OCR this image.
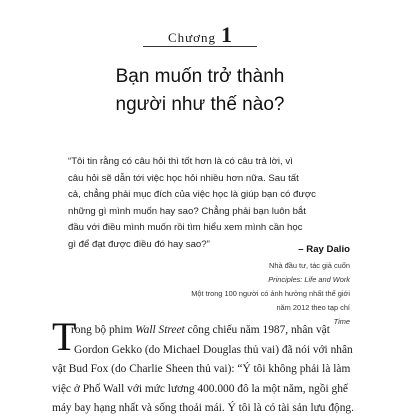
Chương 1
Bạn muốn trở thành
người như thế nào?
“Tôi tin rằng có câu hỏi thì tốt hơn là có câu trả lời, vì
câu hỏi sẽ dẫn tới việc học hỏi nhiều hơn nữa. Sau tất
cả, chẳng phải mục đích của việc học là giúp bạn có được
những gì mình muốn hay sao? Chẳng phải bạn luôn bắt
đầu với điều mình muốn rồi tìm hiểu xem mình cần học
gì để đạt được điều đó hay sao?”	– Ray Dalio
Nhà đầu tư, tác giả cuốn
Principles: Life and Work
Một trong 100 người có ảnh hưởng nhất thế giới
năm 2012 theo tạp chí
Time
T
rong bộ phim Wall Street công chiếu năm 1987, nhân vật
Gordon Gekko (do Michael Douglas thủ vai) đã nói với nhân
vật Bud Fox (do Charlie Sheen thủ vai): “Ý tôi không phải là làm
việc ở Phố Wall với mức lương 400.000 đô la một năm, ngồi ghế
máy bay hạng nhất và sống thoải mái. Ý tôi là có tài sản lưu động.
